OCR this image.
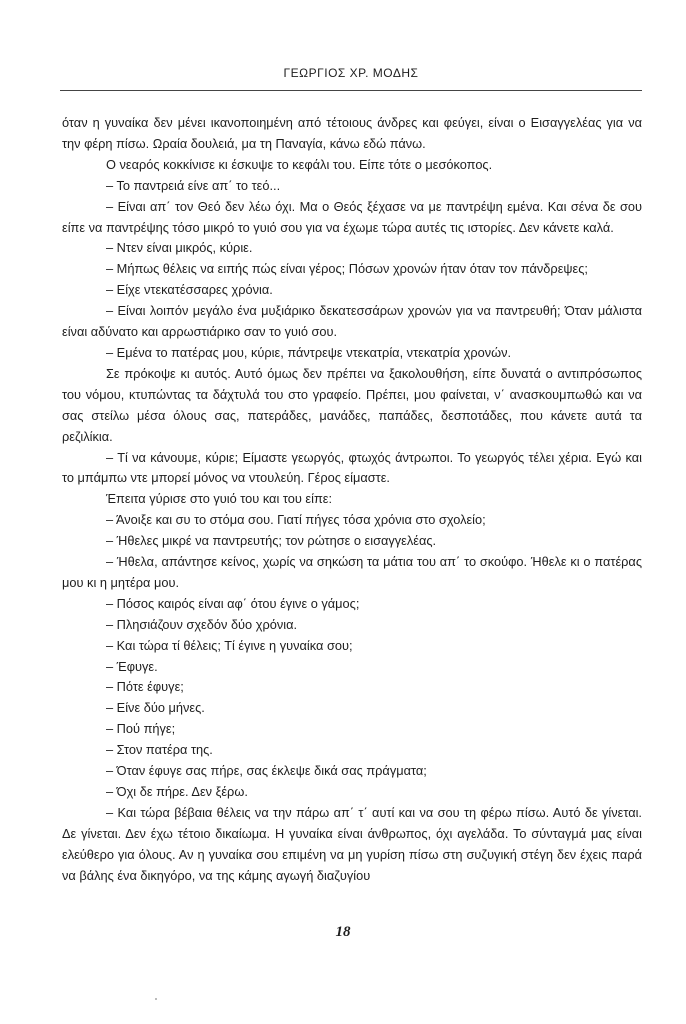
ΓΕΩΡΓΙΟΣ ΧΡ. ΜΟΔΗΣ

όταν η γυναίκα δεν μένει ικανοποιημένη από τέτοιους άνδρες και φεύγει, είναι ο Εισαγγελέας για να την φέρη πίσω. Ωραία δουλειά, μα τη Παναγία, κάνω εδώ πάνω.

Ο νεαρός κοκκίνισε κι έσκυψε το κεφάλι του. Είπε τότε ο μεσόκοπος.

– Το παντρειά είνε απ΄ το τεό...

– Είναι απ΄ τον Θεό δεν λέω όχι. Μα ο Θεός ξέχασε να με παντρέψη εμένα. Και σένα δε σου είπε να παντρέψης τόσο μικρό το γυιό σου για να έχωμε τώρα αυτές τις ιστορίες. Δεν κάνετε καλά.

– Ντεν είναι μικρός, κύριε.

– Μήπως θέλεις να ειπής πώς είναι γέρος; Πόσων χρονών ήταν όταν τον πάνδρεψες;

– Είχε ντεκατέσσαρες χρόνια.

– Είναι λοιπόν μεγάλο ένα μυξιάρικο δεκατεσσάρων χρονών για να παντρευθή; Όταν μάλιστα είναι αδύνατο και αρρωστιάρικο σαν το γυιό σου.

– Εμένα το πατέρας μου, κύριε, πάντρεψε ντεκατρία, ντεκατρία χρονών.

Σε πρόκοψε κι αυτός. Αυτό όμως δεν πρέπει να ξακολουθήση, είπε δυνατά ο αντιπρόσωπος του νόμου, κτυπώντας τα δάχτυλά του στο γραφείο. Πρέπει, μου φαίνεται, ν΄ ανασκουμπωθώ και να σας στείλω μέσα όλους σας, πατεράδες, μανάδες, παπάδες, δεσποτάδες, που κάνετε αυτά τα ρεζιλίκια.

– Τί να κάνουμε, κύριε; Είμαστε γεωργός, φτωχός άντρωποι. Το γεωργός τέλει χέρια. Εγώ και το μπάμπω ντε μπορεί μόνος να ντουλεύη. Γέρος είμαστε.

Έπειτα γύρισε στο γυιό του και του είπε:

– Άνοιξε και συ το στόμα σου. Γιατί πήγες τόσα χρόνια στο σχολείο;

– Ήθελες μικρέ να παντρευτής; τον ρώτησε ο εισαγγελέας.

– Ήθελα, απάντησε κείνος, χωρίς να σηκώση τα μάτια του απ΄ το σκούφο. Ήθελε κι ο πατέρας μου κι η μητέρα μου.

– Πόσος καιρός είναι αφ΄ ότου έγινε ο γάμος;

– Πλησιάζουν σχεδόν δύο χρόνια.

– Και τώρα τί θέλεις; Τί έγινε η γυναίκα σου;

– Έφυγε.

– Πότε έφυγε;

– Είνε δύο μήνες.

– Πού πήγε;

– Στον πατέρα της.

– Όταν έφυγε σας πήρε, σας έκλεψε δικά σας πράγματα;

– Όχι δε πήρε. Δεν ξέρω.

– Και τώρα βέβαια θέλεις να την πάρω απ΄ τ΄ αυτί και να σου τη φέρω πίσω. Αυτό δε γίνεται. Δε γίνεται. Δεν έχω τέτοιο δικαίωμα. Η γυναίκα είναι άνθρωπος, όχι αγελάδα. Το σύνταγμά μας είναι ελεύθερο για όλους. Αν η γυναίκα σου επιμένη να μη γυρίση πίσω στη συζυγική στέγη δεν έχεις παρά να βάλης ένα δικηγόρο, να της κάμης αγωγή διαζυγίου

18
